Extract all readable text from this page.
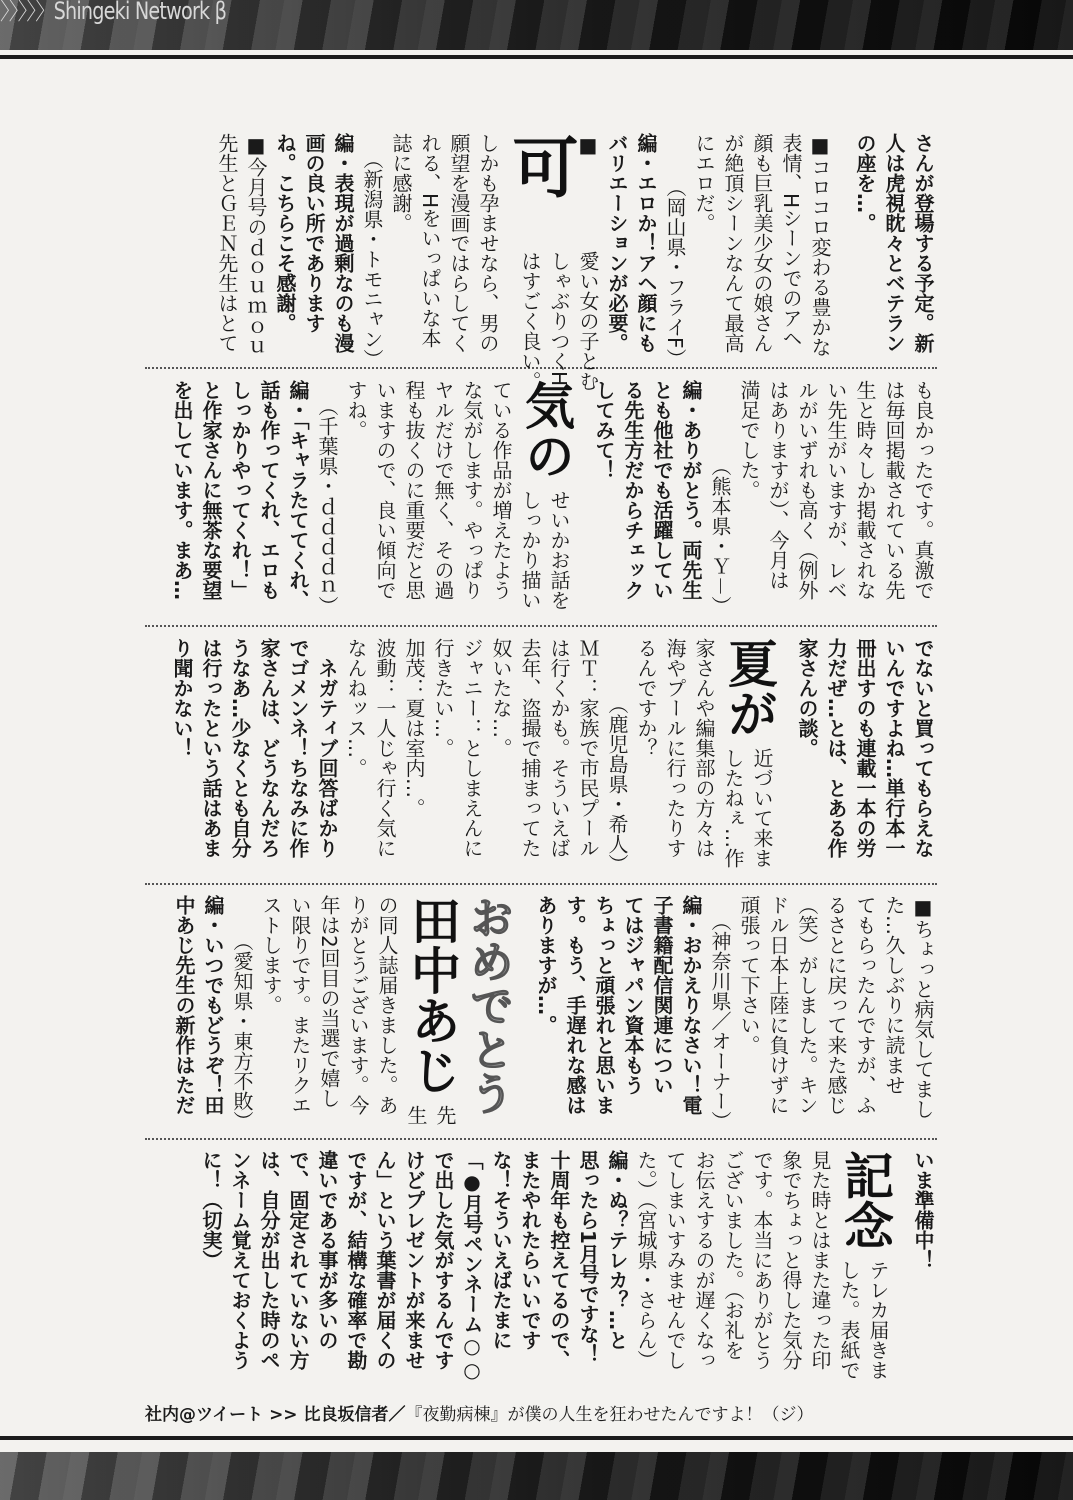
〉〉〉〉〉Shingeki Network β
さんが登場する予定。新
人は虎視眈々とベテラン
の座を…。
■コロコロ変わる豊かな
表情、Hシーンでのアヘ
顔も巨乳美少女の娘さん
が絶頂シーンなんて最高
にエロだ。
（岡山県・フライF）
編・エロか！アヘ顔にも
バリエーションが必要。
可
■
愛い女の子とむ
しゃぶりつくH
はすごく良い。
しかも孕ませなら、男の
願望を漫画ではらしてく
れる、Hをいっぱいな本
誌に感謝。
（新潟県・トモニャン）
編・表現が過剰なのも漫
画の良い所であります
ね。こちらこそ感謝。
■今月号のｄｏｕｍｏｕ
先生とＧＥＮ先生はとて
も良かったです。真激で
は毎回掲載されている先
生と時々しか掲載されな
い先生がいますが、レベ
ルがいずれも高く（例外
はありますが）、今月は
満足でした。
（熊本県・Ｙ－）
編・ありがとう。両先生
とも他社でも活躍してい
る先生方だからチェック
してみて！
気の
せいかお話を
しっかり描い
ている作品が増えたよう
な気がします。やっぱり
ヤルだけで無く、その過
程も抜くのに重要だと思
いますので、良い傾向で
すね。
（千葉県・ｄｄｄｄｎ）
編・「キャラたててくれ、
話も作ってくれ、エロも
しっかりやってくれ！」
と作家さんに無茶な要望
を出しています。まあ…
でないと買ってもらえな
いんですよね…単行本一
冊出すのも連載一本の労
力だぜ…とは、とある作
家さんの談。
夏が
近づいて来ま
したねぇ…作
家さんや編集部の方々は
海やプールに行ったりす
るんですか？
（鹿児島県・希人）
ＭＴ：家族で市民プール
は行くかも。そういえば
去年、盗撮で捕まってた
奴いたな…。
ジャニー：としまえんに
行きたい…。
加茂：夏は室内…。
波動：一人じゃ行く気に
なんねッス…。
　ネガティブ回答ばかり
でゴメンネ！ちなみに作
家さんは、どうなんだろ
うなあ…少なくとも自分
は行ったという話はあま
り聞かない！
■ちょっと病気してまし
た…久しぶりに読ませ
てもらったんですが、ふ
るさとに戻って来た感じ
（笑）がしました。キン
ドル日本上陸に負けずに
頑張って下さい。
（神奈川県／オーナー）
編・おかえりなさい！電
子書籍配信関連につい
てはジャパン資本もう
ちょっと頑張れと思いま
す。もう、手遅れな感は
ありますが…。
おめでとう
田中あじ
先
生
の同人誌届きました。あ
りがとうございます。今
年は2回目の当選で嬉し
い限りです。またリクエ
ストします。
（愛知県・東方不敗）
編・いつでもどうぞ！田
中あじ先生の新作はただ
いま準備中！
記念
テレカ届きま
した。表紙で
見た時とはまた違った印
象でちょっと得した気分
です。本当にありがとう
ございました。（お礼を
お伝えするのが遅くなっ
てしまいすみませんでし
た。）（宮城県・さらん）
編・ぬ？テレカ？…と
思ったら1月号ですな！
十周年も控えてるので、
またやれたらいいです
な！そういえばたまに
「●月号ペンネーム○○
で出した気がするんです
けどプレゼントが来ませ
ん」という葉書が届くの
ですが、結構な確率で勘
違いである事が多いの
で、固定されていない方
は、自分が出した時のペ
ンネーム覚えておくよう
に！（切実）
社内@ツイート >> 比良坂信者／『夜勤病棟』が僕の人生を狂わせたんですよ！（ジ）
